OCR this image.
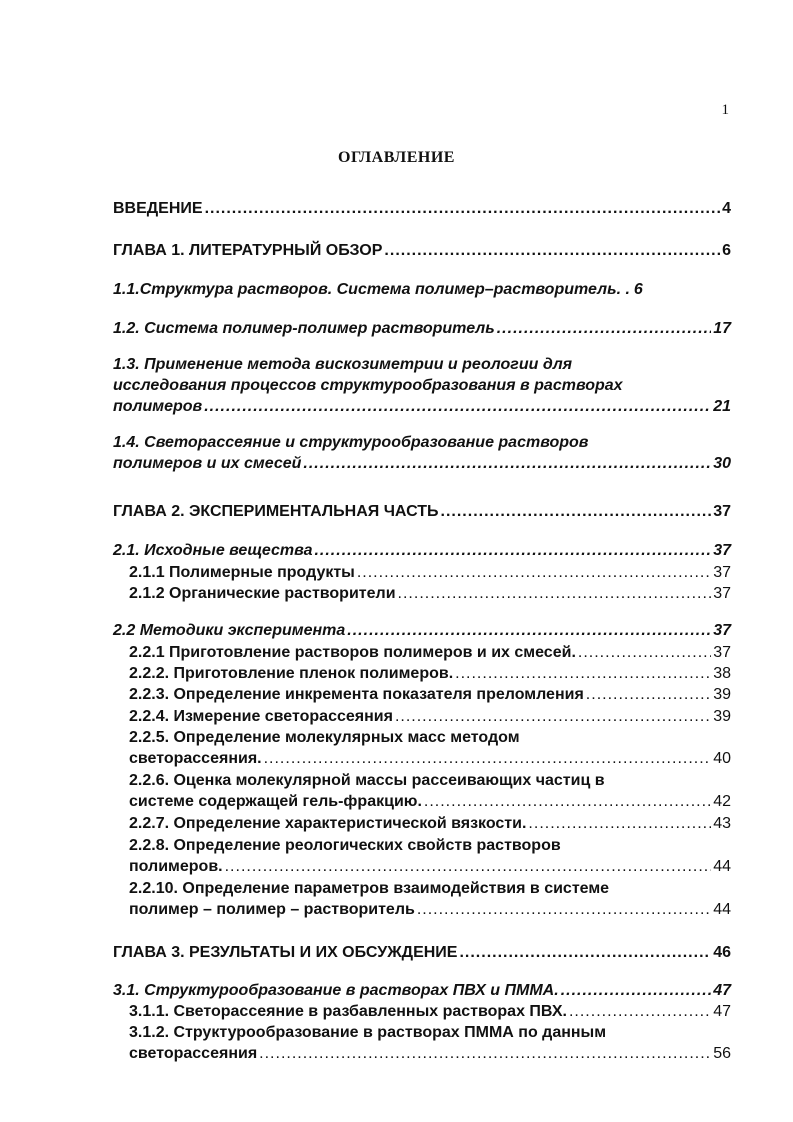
1
ОГЛАВЛЕНИЕ
ВВЕДЕНИЕ .....	4
ГЛАВА 1. ЛИТЕРАТУРНЫЙ ОБЗОР .....	6
1.1.Структура растворов. Система полимер–растворитель. . 6
1.2. Система полимер-полимер растворитель .....	17
1.3. Применение метода вискозиметрии и реологии для
исследования процессов структурообразования в растворах
полимеров .....	21
1.4. Светорассеяние и структурообразование растворов
полимеров и их смесей .....	30
ГЛАВА 2. ЭКСПЕРИМЕНТАЛЬНАЯ ЧАСТЬ .....	37
2.1. Исходные вещества .....	37
2.1.1 Полимерные продукты .....	37
2.1.2 Органические растворители .....	37
2.2 Методики эксперимента .....	37
2.2.1 Приготовление растворов полимеров и их смесей. .....	37
2.2.2. Приготовление пленок полимеров. .....	38
2.2.3. Определение инкремента показателя преломления .....	39
2.2.4. Измерение светорассеяния .....	39
2.2.5. Определение молекулярных масс методом
светорассеяния. .....	40
2.2.6. Оценка молекулярной массы рассеивающих частиц в
системе содержащей гель-фракцию. .....	42
2.2.7. Определение характеристической вязкости. .....	43
2.2.8. Определение реологических свойств растворов
полимеров. .....	44
2.2.10. Определение параметров взаимодействия в системе
полимер – полимер – растворитель .....	44
ГЛАВА 3. РЕЗУЛЬТАТЫ И ИХ ОБСУЖДЕНИЕ .....	46
3.1. Структурообразование в растворах ПВХ и ПММА. .....	47
3.1.1. Светорассеяние в разбавленных растворах ПВХ. .....	47
3.1.2. Структурообразование в растворах ПММА по данным
светорассеяния .....	56
